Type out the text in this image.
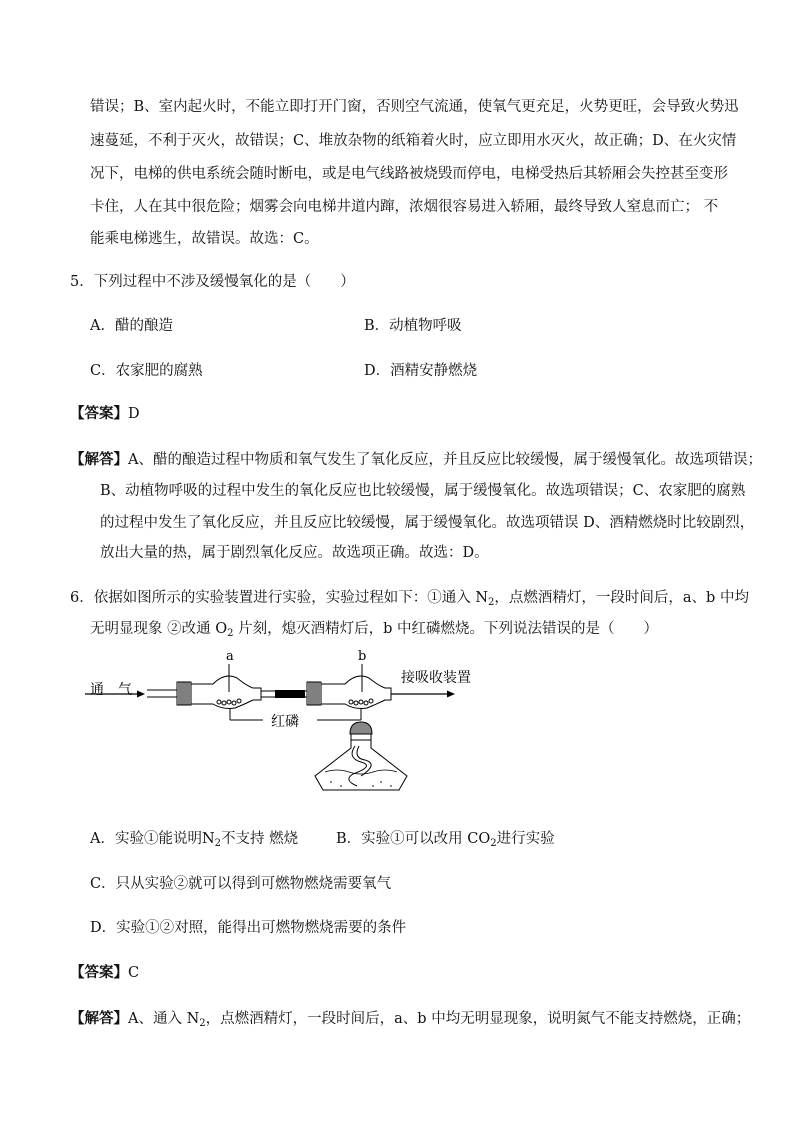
错误；B、室内起火时，不能立即打开门窗，否则空气流通，使氧气更充足，火势更旺，会导致火势迅
速蔓延，不利于灭火，故错误；C、堆放杂物的纸箱着火时，应立即用水灭火，故正确；D、在火灾情
况下，电梯的供电系统会随时断电，或是电气线路被烧毁而停电，电梯受热后其轿厢会失控甚至变形
卡住，人在其中很危险；烟雾会向电梯井道内蹿，浓烟很容易进入轿厢，最终导致人窒息而亡； 不
能乘电梯逃生，故错误。故选：C。
5．下列过程中不涉及缓慢氧化的是（　　）
A．醋的酿造	B．动植物呼吸
C．农家肥的腐熟	D．酒精安静燃烧
【答案】D
【解答】A、醋的酿造过程中物质和氧气发生了氧化反应，并且反应比较缓慢，属于缓慢氧化。故选项错误；
B、动植物呼吸的过程中发生的氧化反应也比较缓慢，属于缓慢氧化。故选项错误；C、农家肥的腐熟
的过程中发生了氧化反应，并且反应比较缓慢，属于缓慢氧化。故选项错误 D、酒精燃烧时比较剧烈，
放出大量的热，属于剧烈氧化反应。故选项正确。故选：D。
6．依据如图所示的实验装置进行实验，实验过程如下：①通入 $N_2$，点燃酒精灯，一段时间后，a、b 中均
无明显现象 ②改通 $O_2$ 片刻，熄灭酒精灯后，b 中红磷燃烧。下列说法错误的是（　　）
通　气
a	b
接吸收装置
红磷
A．实验①能说明$N_2$不支持 燃烧	B．实验①可以改用 $CO_2$进行实验
C．只从实验②就可以得到可燃物燃烧需要氧气
D．实验①②对照，能得出可燃物燃烧需要的条件
【答案】C
【解答】A、通入 $N_2$，点燃酒精灯，一段时间后，a、b 中均无明显现象，说明氮气不能支持燃烧，正确；
